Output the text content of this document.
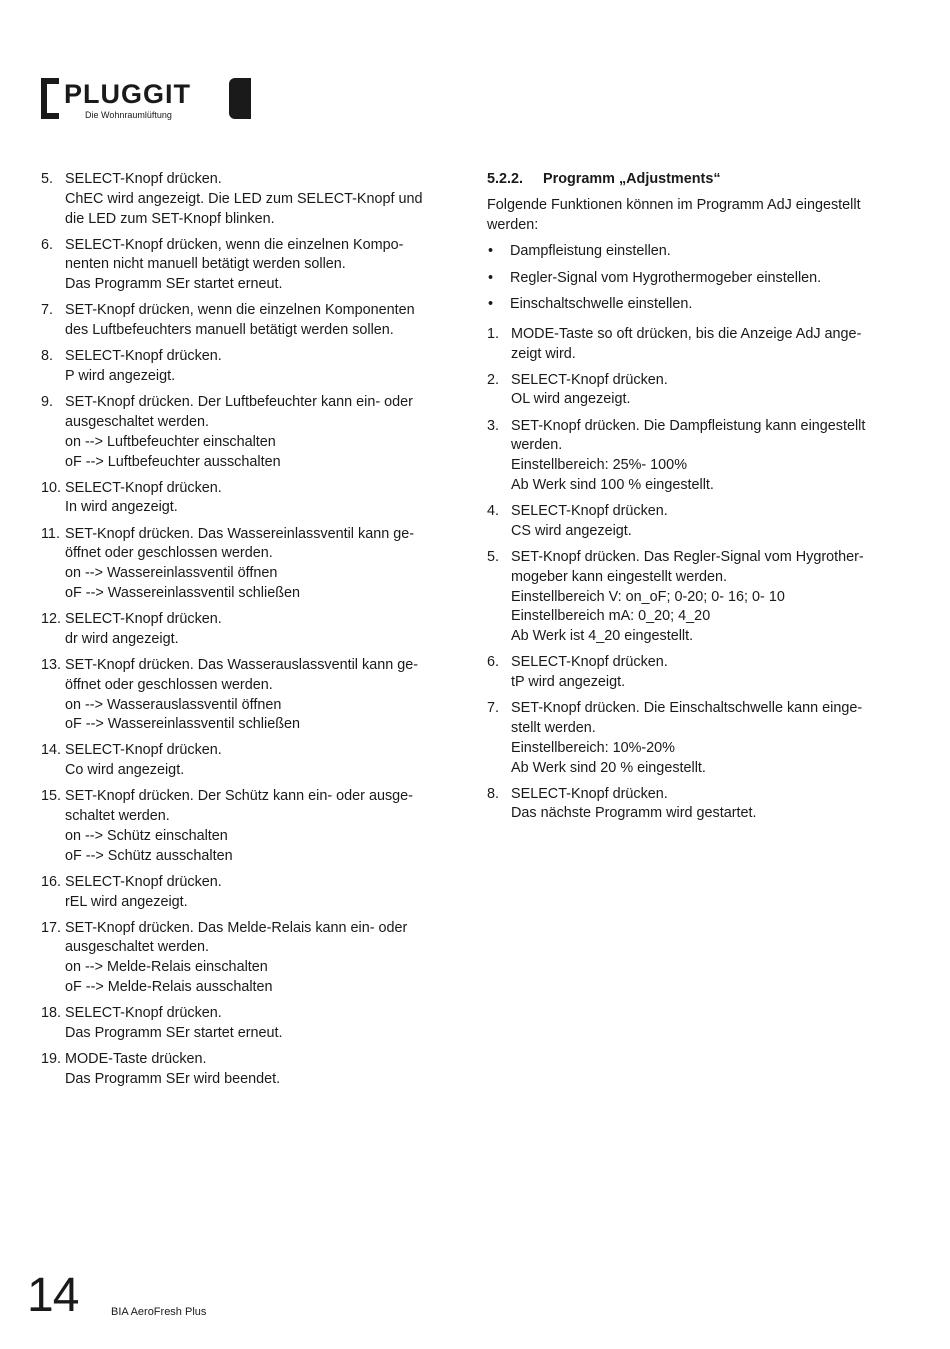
PLUGGIT
Die Wohnraumlüftung
5. SELECT-Knopf drücken.
ChEC wird angezeigt. Die LED zum SELECT-Knopf und
die LED zum SET-Knopf blinken.
6. SELECT-Knopf drücken, wenn die einzelnen Kompo-
nenten nicht manuell betätigt werden sollen.
Das Programm SEr startet erneut.
7. SET-Knopf drücken, wenn die einzelnen Komponenten
des Luftbefeuchters manuell betätigt werden sollen.
8. SELECT-Knopf drücken.
P wird angezeigt.
9. SET-Knopf drücken. Der Luftbefeuchter kann ein- oder
ausgeschaltet werden.
on --> Luftbefeuchter einschalten
oF --> Luftbefeuchter ausschalten
10. SELECT-Knopf drücken.
In wird angezeigt.
11. SET-Knopf drücken. Das Wassereinlassventil kann ge-
öffnet oder geschlossen werden.
on --> Wassereinlassventil öffnen
oF --> Wassereinlassventil schließen
12. SELECT-Knopf drücken.
dr wird angezeigt.
13. SET-Knopf drücken. Das Wasserauslassventil kann ge-
öffnet oder geschlossen werden.
on --> Wasserauslassventil öffnen
oF --> Wassereinlassventil schließen
14. SELECT-Knopf drücken.
Co wird angezeigt.
15. SET-Knopf drücken. Der Schütz kann ein- oder ausge-
schaltet werden.
on --> Schütz einschalten
oF --> Schütz ausschalten
16. SELECT-Knopf drücken.
rEL wird angezeigt.
17. SET-Knopf drücken. Das Melde-Relais kann ein- oder
ausgeschaltet werden.
on --> Melde-Relais einschalten
oF --> Melde-Relais ausschalten
18. SELECT-Knopf drücken.
Das Programm SEr startet erneut.
19. MODE-Taste drücken.
Das Programm SEr wird beendet.
5.2.2. Programm „Adjustments“
Folgende Funktionen können im Programm AdJ eingestellt
werden:
• Dampfleistung einstellen.
• Regler-Signal vom Hygrothermogeber einstellen.
• Einschaltschwelle einstellen.
1. MODE-Taste so oft drücken, bis die Anzeige AdJ ange-
zeigt wird.
2. SELECT-Knopf drücken.
OL wird angezeigt.
3. SET-Knopf drücken. Die Dampfleistung kann eingestellt
werden.
Einstellbereich: 25%- 100%
Ab Werk sind 100 % eingestellt.
4. SELECT-Knopf drücken.
CS wird angezeigt.
5. SET-Knopf drücken. Das Regler-Signal vom Hygrother-
mogeber kann eingestellt werden.
Einstellbereich V: on_oF; 0-20; 0- 16; 0- 10
Einstellbereich mA: 0_20; 4_20
Ab Werk ist 4_20 eingestellt.
6. SELECT-Knopf drücken.
tP wird angezeigt.
7. SET-Knopf drücken. Die Einschaltschwelle kann einge-
stellt werden.
Einstellbereich: 10%-20%
Ab Werk sind 20 % eingestellt.
8. SELECT-Knopf drücken.
Das nächste Programm wird gestartet.
14	BIA AeroFresh Plus
